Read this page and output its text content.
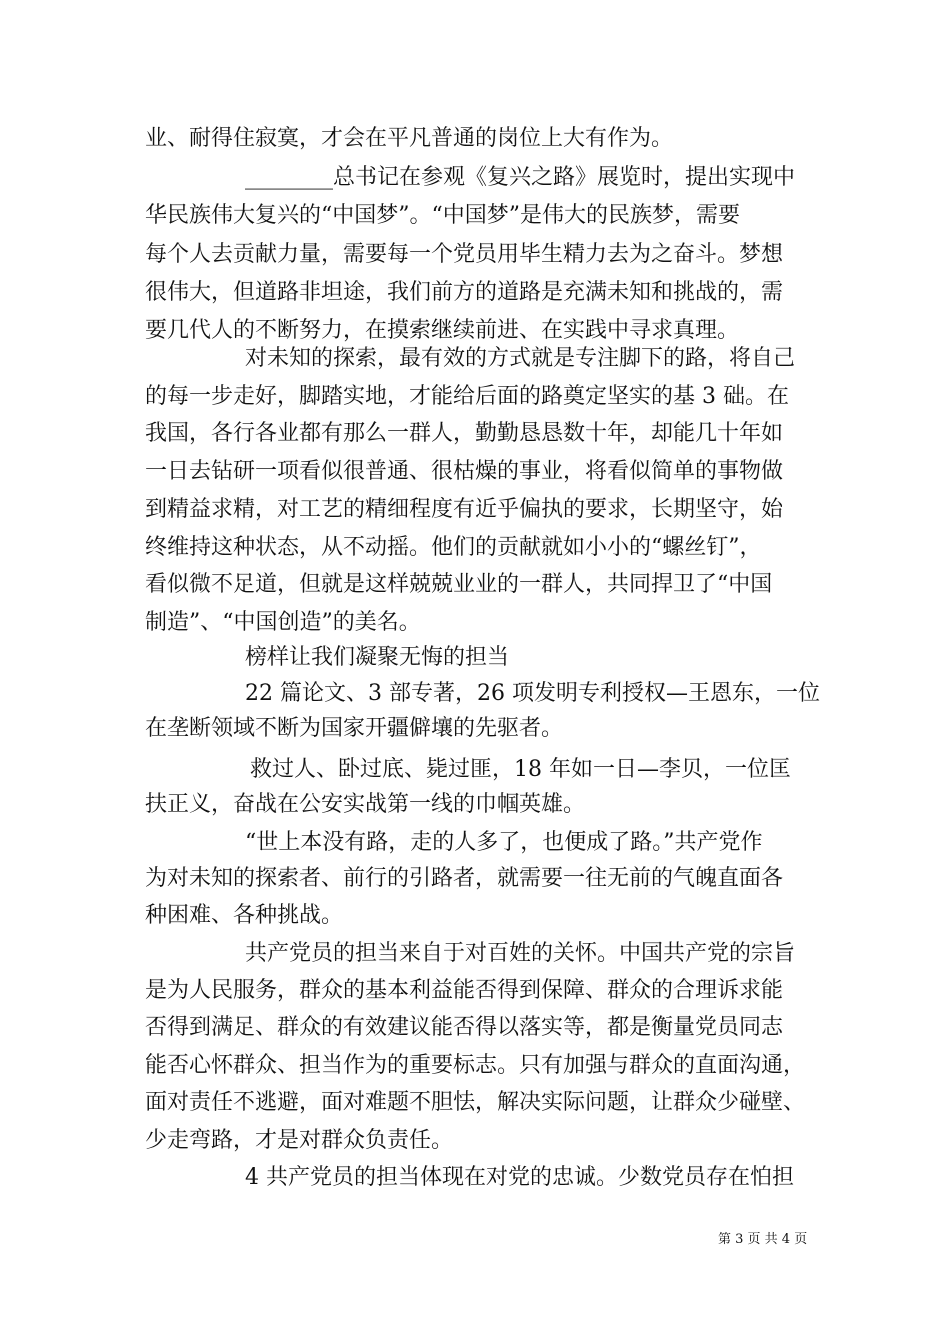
业、耐得住寂寞，才会在平凡普通的岗位上大有作为。
________总书记在参观《复兴之路》展览时，提出实现中
华民族伟大复兴的“中国梦”。“中国梦”是伟大的民族梦，需要
每个人去贡献力量，需要每一个党员用毕生精力去为之奋斗。梦想
很伟大，但道路非坦途，我们前方的道路是充满未知和挑战的，需
要几代人的不断努力，在摸索继续前进、在实践中寻求真理。
对未知的探索，最有效的方式就是专注脚下的路，将自己
的每一步走好，脚踏实地，才能给后面的路奠定坚实的基 3 础。在
我国，各行各业都有那么一群人，勤勤恳恳数十年，却能几十年如
一日去钻研一项看似很普通、很枯燥的事业，将看似简单的事物做
到精益求精，对工艺的精细程度有近乎偏执的要求，长期坚守，始
终维持这种状态，从不动摇。他们的贡献就如小小的“螺丝钉”，
看似微不足道，但就是这样兢兢业业的一群人，共同捍卫了“中国
制造”、“中国创造”的美名。
榜样让我们凝聚无悔的担当
22 篇论文、3 部专著，26 项发明专利授权—王恩东，一位
在垄断领域不断为国家开疆僻壤的先驱者。
救过人、卧过底、毙过匪，18 年如一日—李贝，一位匡
扶正义，奋战在公安实战第一线的巾帼英雄。
“世上本没有路，走的人多了，也便成了路。”共产党作
为对未知的探索者、前行的引路者，就需要一往无前的气魄直面各
种困难、各种挑战。
共产党员的担当来自于对百姓的关怀。中国共产党的宗旨
是为人民服务，群众的基本利益能否得到保障、群众的合理诉求能
否得到满足、群众的有效建议能否得以落实等，都是衡量党员同志
能否心怀群众、担当作为的重要标志。只有加强与群众的直面沟通，
面对责任不逃避，面对难题不胆怯，解决实际问题，让群众少碰壁、
少走弯路，才是对群众负责任。
4 共产党员的担当体现在对党的忠诚。少数党员存在怕担
第 3 页 共 4 页
